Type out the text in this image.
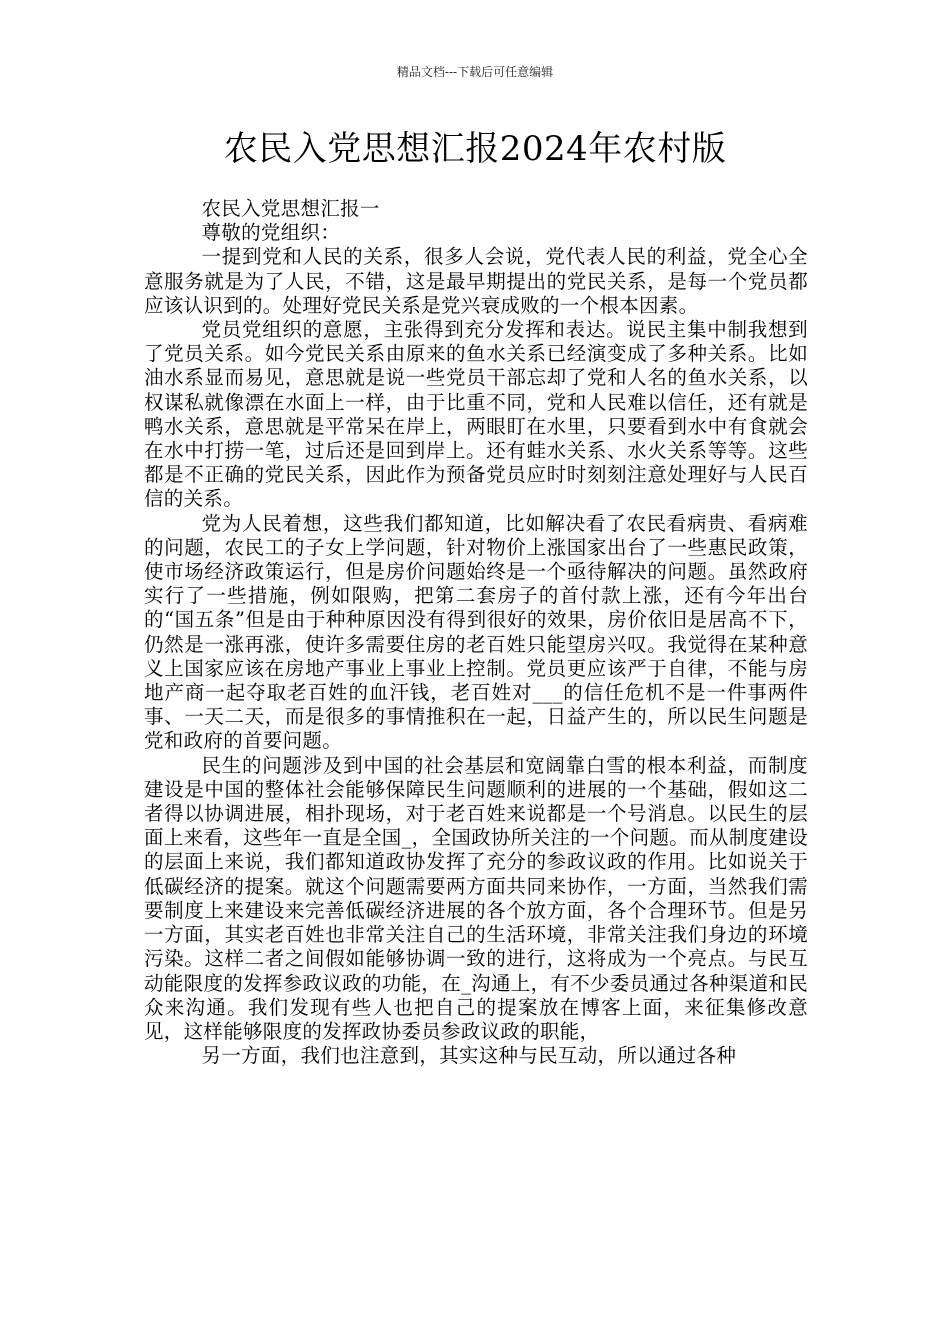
精品文档---下载后可任意编辑
农民入党思想汇报2024年农村版

农民入党思想汇报一

尊敬的党组织：

一提到党和人民的关系，很多人会说，党代表人民的利益，党全心全意服务就是为了人民，不错，这是最早期提出的党民关系，是每一个党员都应该认识到的。处理好党民关系是党兴衰成败的一个根本因素。

党员党组织的意愿，主张得到充分发挥和表达。说民主集中制我想到了党员关系。如今党民关系由原来的鱼水关系已经演变成了多种关系。比如油水系显而易见，意思就是说一些党员干部忘却了党和人名的鱼水关系，以权谋私就像漂在水面上一样，由于比重不同，党和人民难以信任，还有就是鸭水关系，意思就是平常呆在岸上，两眼盯在水里，只要看到水中有食就会在水中打捞一笔，过后还是回到岸上。还有蛙水关系、水火关系等等。这些都是不正确的党民关系，因此作为预备党员应时时刻刻注意处理好与人民百信的关系。

党为人民着想，这些我们都知道，比如解决看了农民看病贵、看病难的问题，农民工的子女上学问题，针对物价上涨国家出台了一些惠民政策，使市场经济政策运行，但是房价问题始终是一个亟待解决的问题。虽然政府实行了一些措施，例如限购，把第二套房子的首付款上涨，还有今年出台的“国五条”但是由于种种原因没有得到很好的效果，房价依旧是居高不下，仍然是一涨再涨，使许多需要住房的老百姓只能望房兴叹。我觉得在某种意义上国家应该在房地产事业上事业上控制。党员更应该严于自律，不能与房地产商一起夺取老百姓的血汗钱，老百姓对___的信任危机不是一件事两件事、一天二天，而是很多的事情推积在一起，日益产生的，所以民生问题是党和政府的首要问题。

民生的问题涉及到中国的社会基层和宽阔靠白雪的根本利益，而制度建设是中国的整体社会能够保障民生问题顺利的进展的一个基础，假如这二者得以协调进展，相扑现场，对于老百姓来说都是一个号消息。以民生的层面上来看，这些年一直是全国_，全国政协所关注的一个问题。而从制度建设的层面上来说，我们都知道政协发挥了充分的参政议政的作用。比如说关于低碳经济的提案。就这个问题需要两方面共同来协作，一方面，当然我们需要制度上来建设来完善低碳经济进展的各个放方面，各个合理环节。但是另一方面，其实老百姓也非常关注自己的生活环境，非常关注我们身边的环境污染。这样二者之间假如能够协调一致的进行，这将成为一个亮点。与民互动能限度的发挥参政议政的功能，在_沟通上，有不少委员通过各种渠道和民众来沟通。我们发现有些人也把自己的提案放在博客上面，来征集修改意见，这样能够限度的发挥政协委员参政议政的职能，

另一方面，我们也注意到，其实这种与民互动，所以通过各种
